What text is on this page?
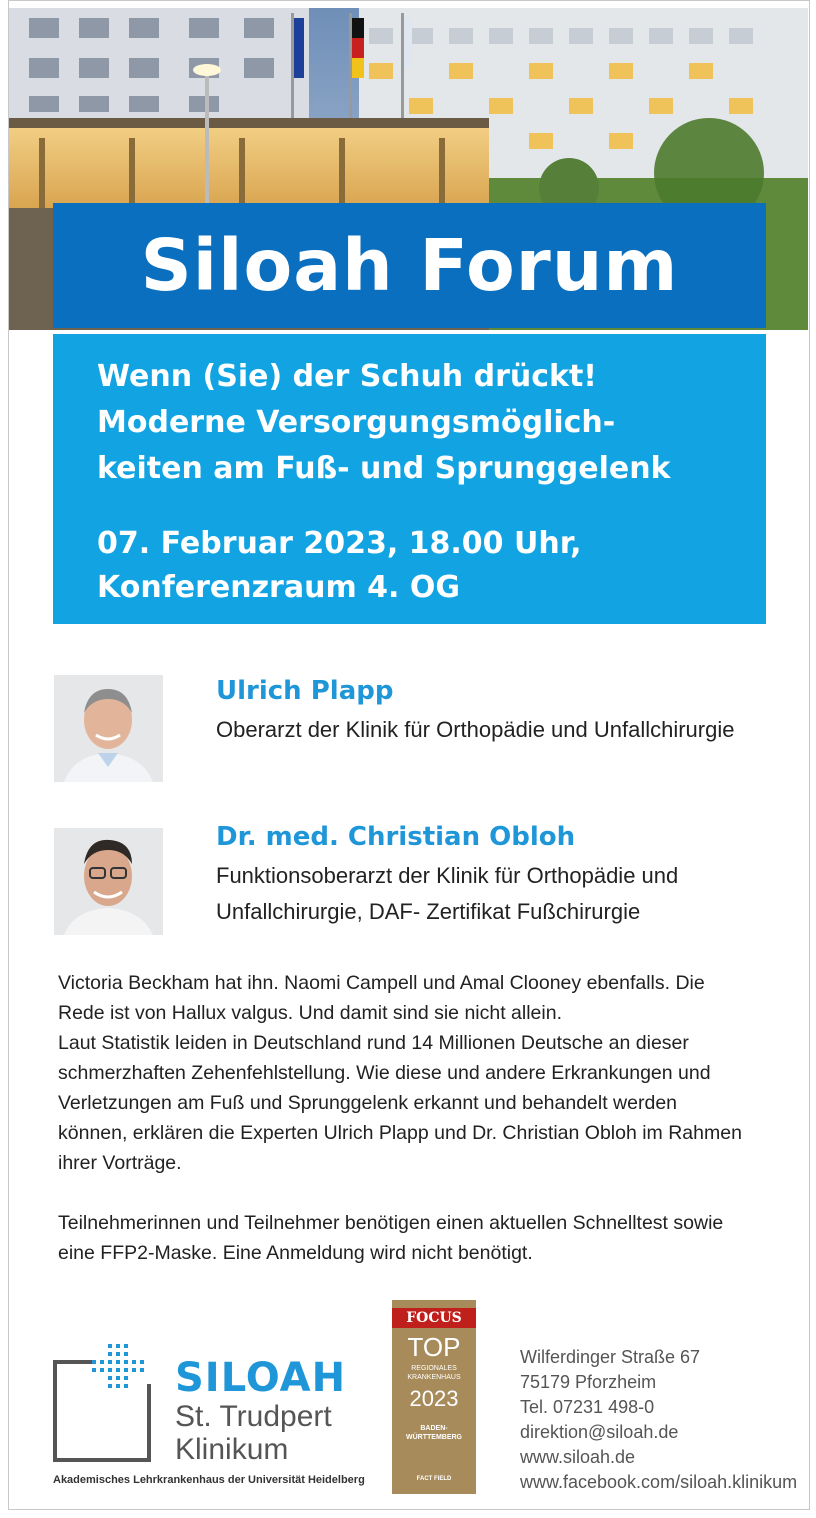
Siloah Forum

Wenn (Sie) der Schuh drückt!
Moderne Versorgungsmöglich-
keiten am Fuß- und Sprunggelenk

07. Februar 2023, 18.00 Uhr,
Konferenzraum 4. OG

Ulrich Plapp

Oberarzt der Klinik für Orthopädie und Unfallchirurgie

Dr. med. Christian Obloh

Funktionsoberarzt der Klinik für Orthopädie und
Unfallchirurgie, DAF- Zertifikat Fußchirurgie

Victoria Beckham hat ihn. Naomi Campell und Amal Clooney ebenfalls. Die

Rede ist von Hallux valgus. Und damit sind sie nicht allein.

Laut Statistik leiden in Deutschland rund 14 Millionen Deutsche an dieser

schmerzhaften Zehenfehlstellung. Wie diese und andere Erkrankungen und

Verletzungen am Fuß und Sprunggelenk erkannt und behandelt werden

können, erklären die Experten Ulrich Plapp und Dr. Christian Obloh im Rahmen

ihrer Vorträge.

Teilnehmerinnen und Teilnehmer benötigen einen aktuellen Schnelltest sowie

eine FFP2-Maske. Eine Anmeldung wird nicht benötigt.

SILOAH

St. Trudpert
Klinikum

Akademisches Lehrkrankenhaus der Universität Heidelberg

FOCUS
TOP
REGIONALES
KRANKENHAUS
2023
BADEN-
WÜRTTEMBERG
FACT FIELD
Wilferdinger Straße 67
75179 Pforzheim
Tel. 07231 498-0
direktion@siloah.de
www.siloah.de
www.facebook.com/siloah.klinikum
